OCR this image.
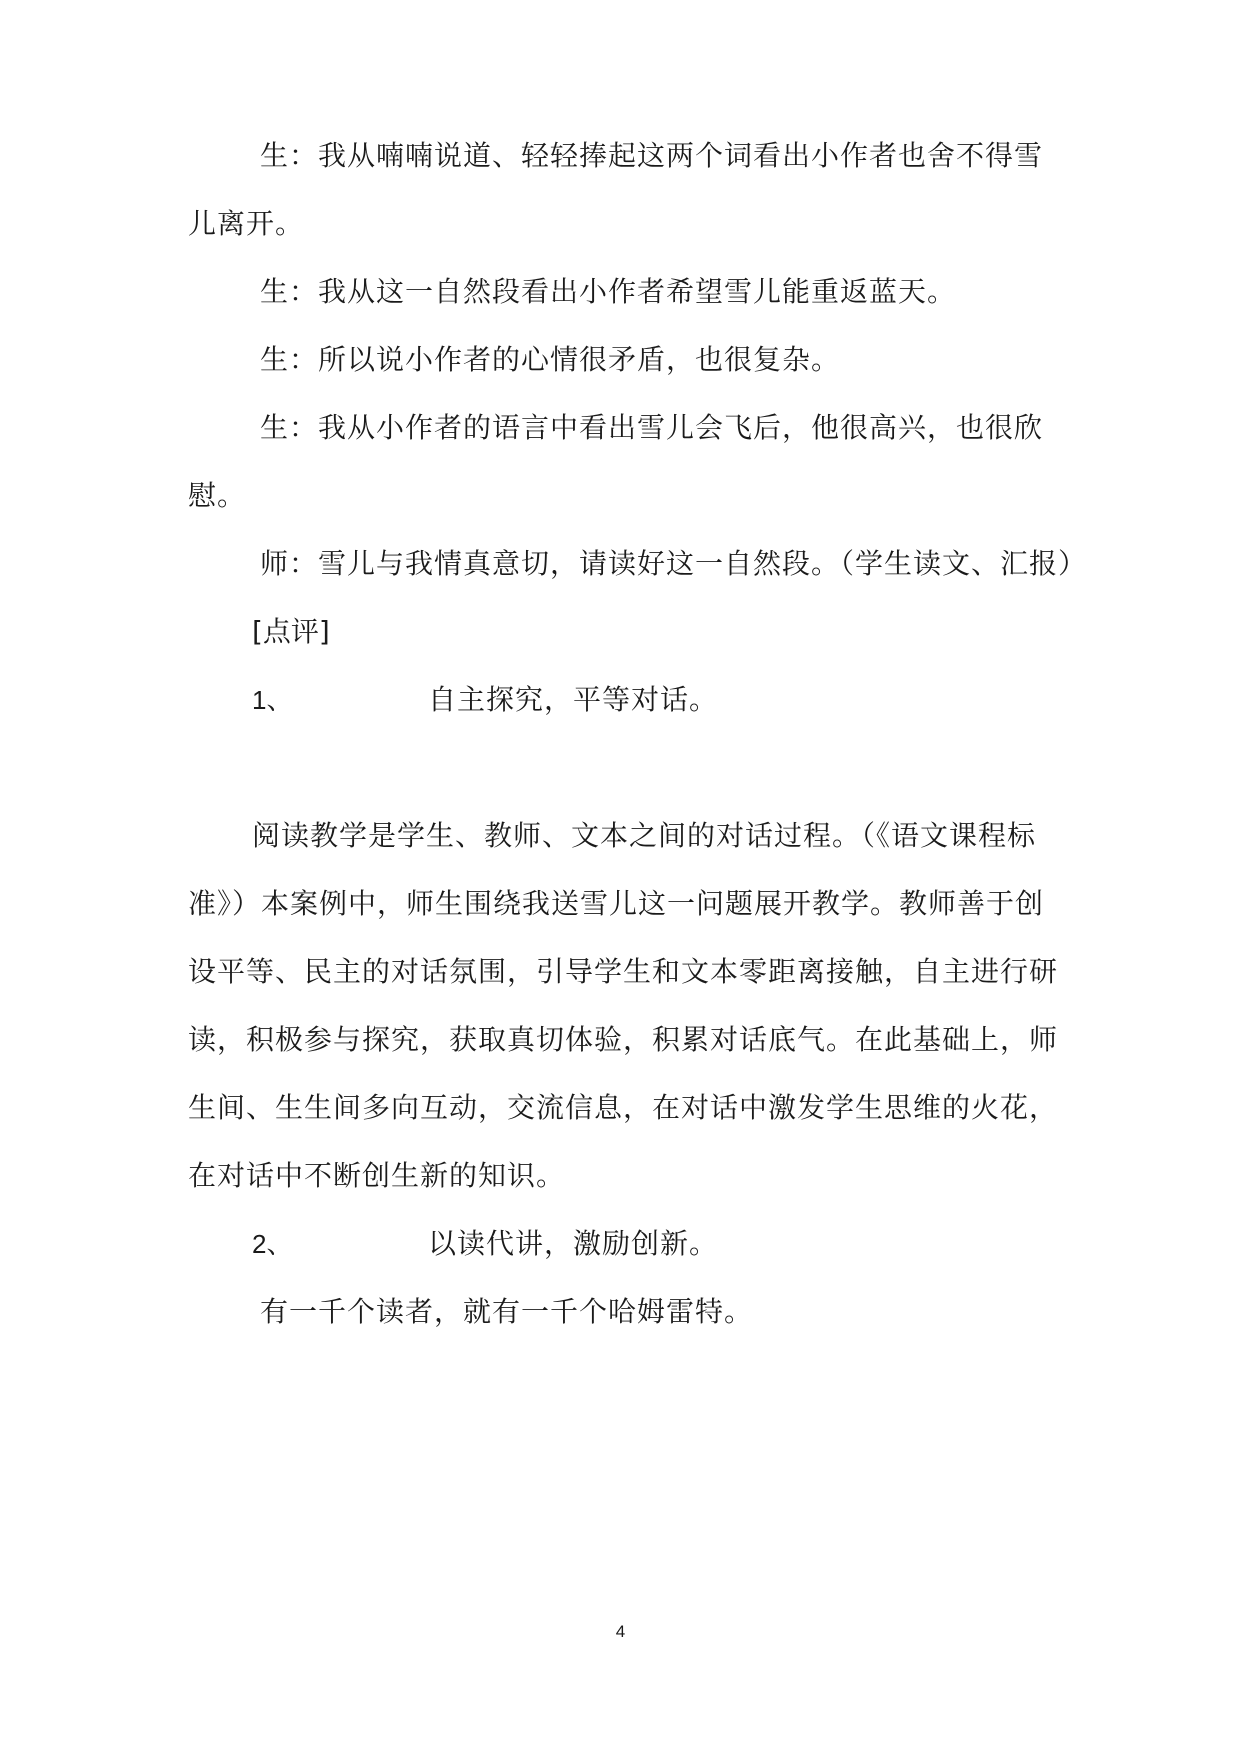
生：我从喃喃说道、轻轻捧起这两个词看出小作者也舍不得雪
儿离开。
生：我从这一自然段看出小作者希望雪儿能重返蓝天。
生：所以说小作者的心情很矛盾，也很复杂。
生：我从小作者的语言中看出雪儿会飞后，他很高兴，也很欣
慰。
师：雪儿与我情真意切，请读好这一自然段。（学生读文、汇报）
[点评]
1、	自主探究，平等对话。
阅读教学是学生、教师、文本之间的对话过程。（《语文课程标
准》）本案例中，师生围绕我送雪儿这一问题展开教学。教师善于创
设平等、民主的对话氛围，引导学生和文本零距离接触，自主进行研
读，积极参与探究，获取真切体验，积累对话底气。在此基础上，师
生间、生生间多向互动，交流信息，在对话中激发学生思维的火花，
在对话中不断创生新的知识。
2、	以读代讲，激励创新。
有一千个读者，就有一千个哈姆雷特。
4
